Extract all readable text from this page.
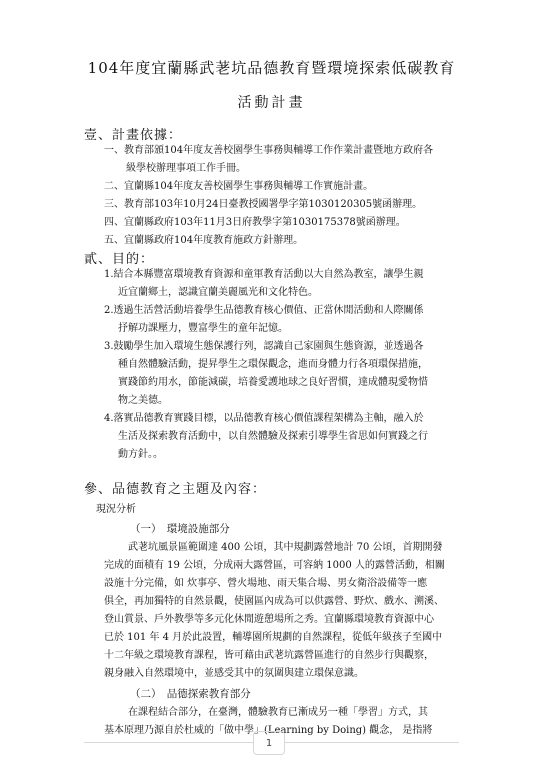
104年度宜蘭縣武荖坑品德教育暨環境探索低碳教育
活動計畫
壹、計畫依據：
一、教育部頒104年度友善校園學生事務與輔導工作作業計畫暨地方政府各
級學校辦理事項工作手冊。
二、宜蘭縣104年度友善校園學生事務與輔導工作實施計畫。
三、教育部103年10月24日臺教授國署學字第1030120305號函辦理。
四、宜蘭縣政府103年11月3日府教學字第1030175378號函辦理。
五、宜蘭縣政府104年度教育施政方針辦理。
貳、目的：
1.結合本縣豐富環境教育資源和童軍教育活動以大自然為教室，讓學生親
近宜蘭鄉土，認識宜蘭美麗風光和文化特色。
2.透過生活營活動培養學生品德教育核心價值、正當休閒活動和人際關係
抒解功課壓力，豐富學生的童年記憶。
3.鼓勵學生加入環境生態保護行列，認識自己家園與生態資源，並透過各
種自然體驗活動，提昇學生之環保觀念，進而身體力行各項環保措施，
實踐節約用水，節能減碳，培養愛護地球之良好習慣，達成體現愛物惜
物之美德。
4.落實品德教育實踐目標，以品德教育核心價值課程架構為主軸，融入於
生活及探索教育活動中，以自然體驗及探索引導學生省思如何實踐之行
動方針。。
參、品德教育之主題及內容：
現況分析
（一）　環境設施部分
武荖坑風景區範圍達 400 公頃，其中規劃露營地計 70 公頃，首期開發
完成的面積有 19 公頃，分成兩大露營區，可容納 1000 人的露營活動，相關
設施十分完備，如 炊事亭、營火場地、雨天集合場、男女衛浴設備等一應
俱全，再加獨特的自然景觀，使園區內成為可以供露營、野炊、戲水、溯溪、
登山賞景、戶外教學等多元化休閒遊憩場所之秀。宜蘭縣環境教育資源中心
已於 101 年 4 月於此設置，輔導園所規劃的自然課程，從低年級孩子至國中
十二年級之環境教育課程，皆可藉由武荖坑露營區進行的自然步行與觀察，
親身融入自然環境中，並感受其中的氛圍與建立環保意識。
（二）　品德探索教育部分
在課程結合部分，在臺灣，體驗教育已漸成另一種「學習」方式，其
基本原理乃源自於杜威的「做中學」(Learning by Doing) 觀念， 是指將
1
